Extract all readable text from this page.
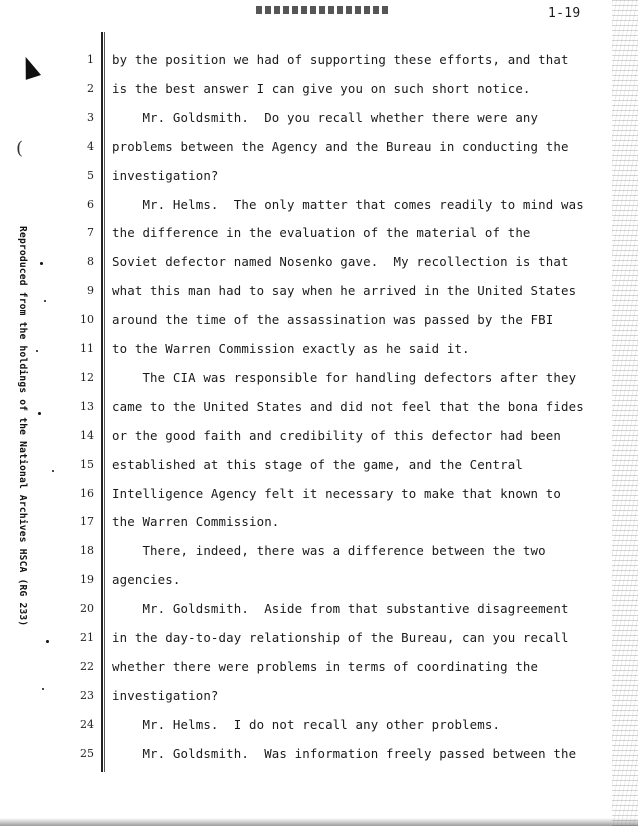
1-19
(
Reproduced from the holdings of the National Archives HSCA (RG 233)
1 by the position we had of supporting these efforts, and that
2 is the best answer I can give you on such short notice.
3 Mr. Goldsmith.  Do you recall whether there were any
4 problems between the Agency and the Bureau in conducting the
5 investigation?
6 Mr. Helms.  The only matter that comes readily to mind was
7 the difference in the evaluation of the material of the
8 Soviet defector named Nosenko gave.  My recollection is that
9 what this man had to say when he arrived in the United States
10 around the time of the assassination was passed by the FBI
11 to the Warren Commission exactly as he said it.
12 The CIA was responsible for handling defectors after they
13 came to the United States and did not feel that the bona fides
14 or the good faith and credibility of this defector had been
15 established at this stage of the game, and the Central
16 Intelligence Agency felt it necessary to make that known to
17 the Warren Commission.
18 There, indeed, there was a difference between the two
19 agencies.
20 Mr. Goldsmith.  Aside from that substantive disagreement
21 in the day-to-day relationship of the Bureau, can you recall
22 whether there were problems in terms of coordinating the
23 investigation?
24 Mr. Helms.  I do not recall any other problems.
25 Mr. Goldsmith.  Was information freely passed between the
